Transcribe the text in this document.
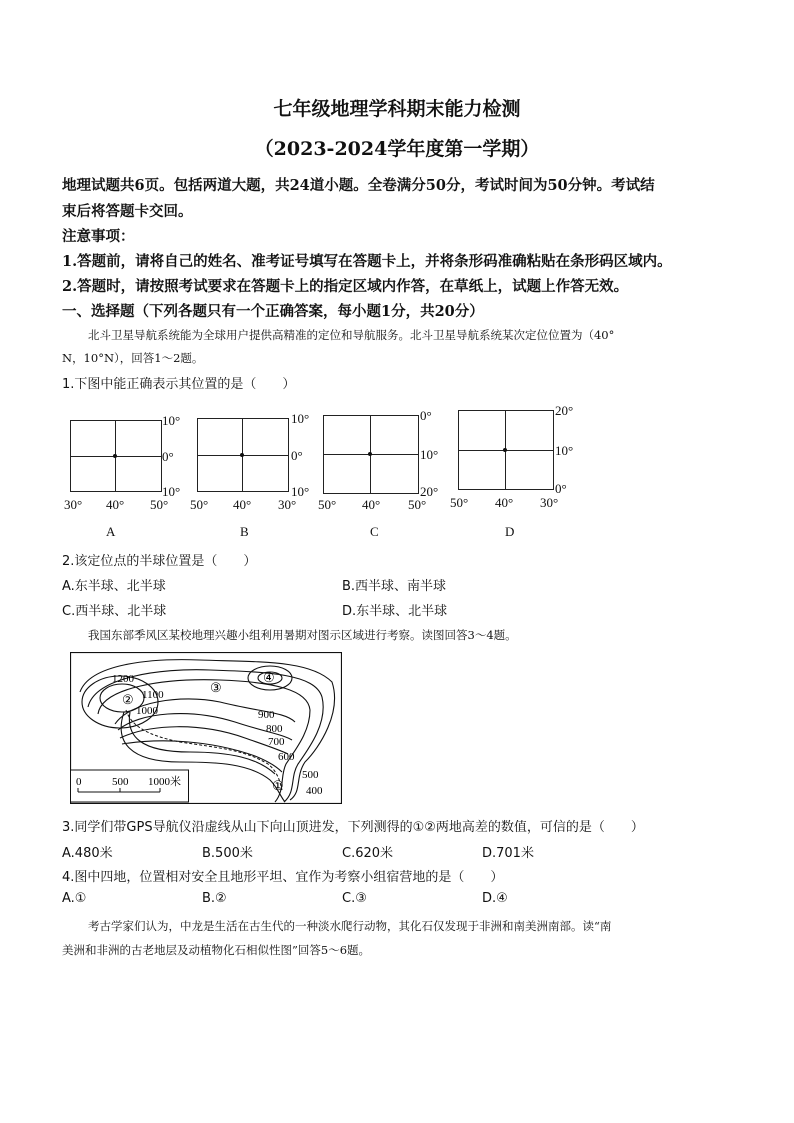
七年级地理学科期末能力检测
（2023-2024学年度第一学期）
地理试题共6页。包括两道大题，共24道小题。全卷满分50分，考试时间为50分钟。考试结
束后将答题卡交回。
注意事项：
1.答题前，请将自己的姓名、准考证号填写在答题卡上，并将条形码准确粘贴在条形码区域内。
2.答题时，请按照考试要求在答题卡上的指定区域内作答，在草纸上，试题上作答无效。
一、选择题（下列各题只有一个正确答案，每小题1分，共20分）
北斗卫星导航系统能为全球用户提供高精准的定位和导航服务。北斗卫星导航系统某次定位位置为（40°
N，10°N），回答1～2题。
1.下图中能正确表示其位置的是（　　）
10°
0°
10°
30° 40° 50°
A
10°
0°
10°
50° 40° 30°
B
0°
10°
20°
50° 40° 50°
C
20°
10°
0°
50° 40° 30°
D
2.该定位点的半球位置是（　　）
A.东半球、北半球	B.西半球、南半球
C.西半球、北半球	D.东半球、北半球
我国东部季风区某校地理兴趣小组利用暑期对图示区域进行考察。读图回答3～4题。
0	500 1000米
1200
1100
1000	900
800
700
600
500
400
②
③
④
①
3.同学们带GPS导航仪沿虚线从山下向山顶进发，下列测得的①②两地高差的数值，可信的是（　　）
A.480米	B.500米	C.620米	D.701米
4.图中四地，位置相对安全且地形平坦、宜作为考察小组宿营地的是（　　）
A.①	B.②	C.③	D.④
考古学家们认为，中龙是生活在古生代的一种淡水爬行动物，其化石仅发现于非洲和南美洲南部。读“南
美洲和非洲的古老地层及动植物化石相似性图”回答5～6题。
